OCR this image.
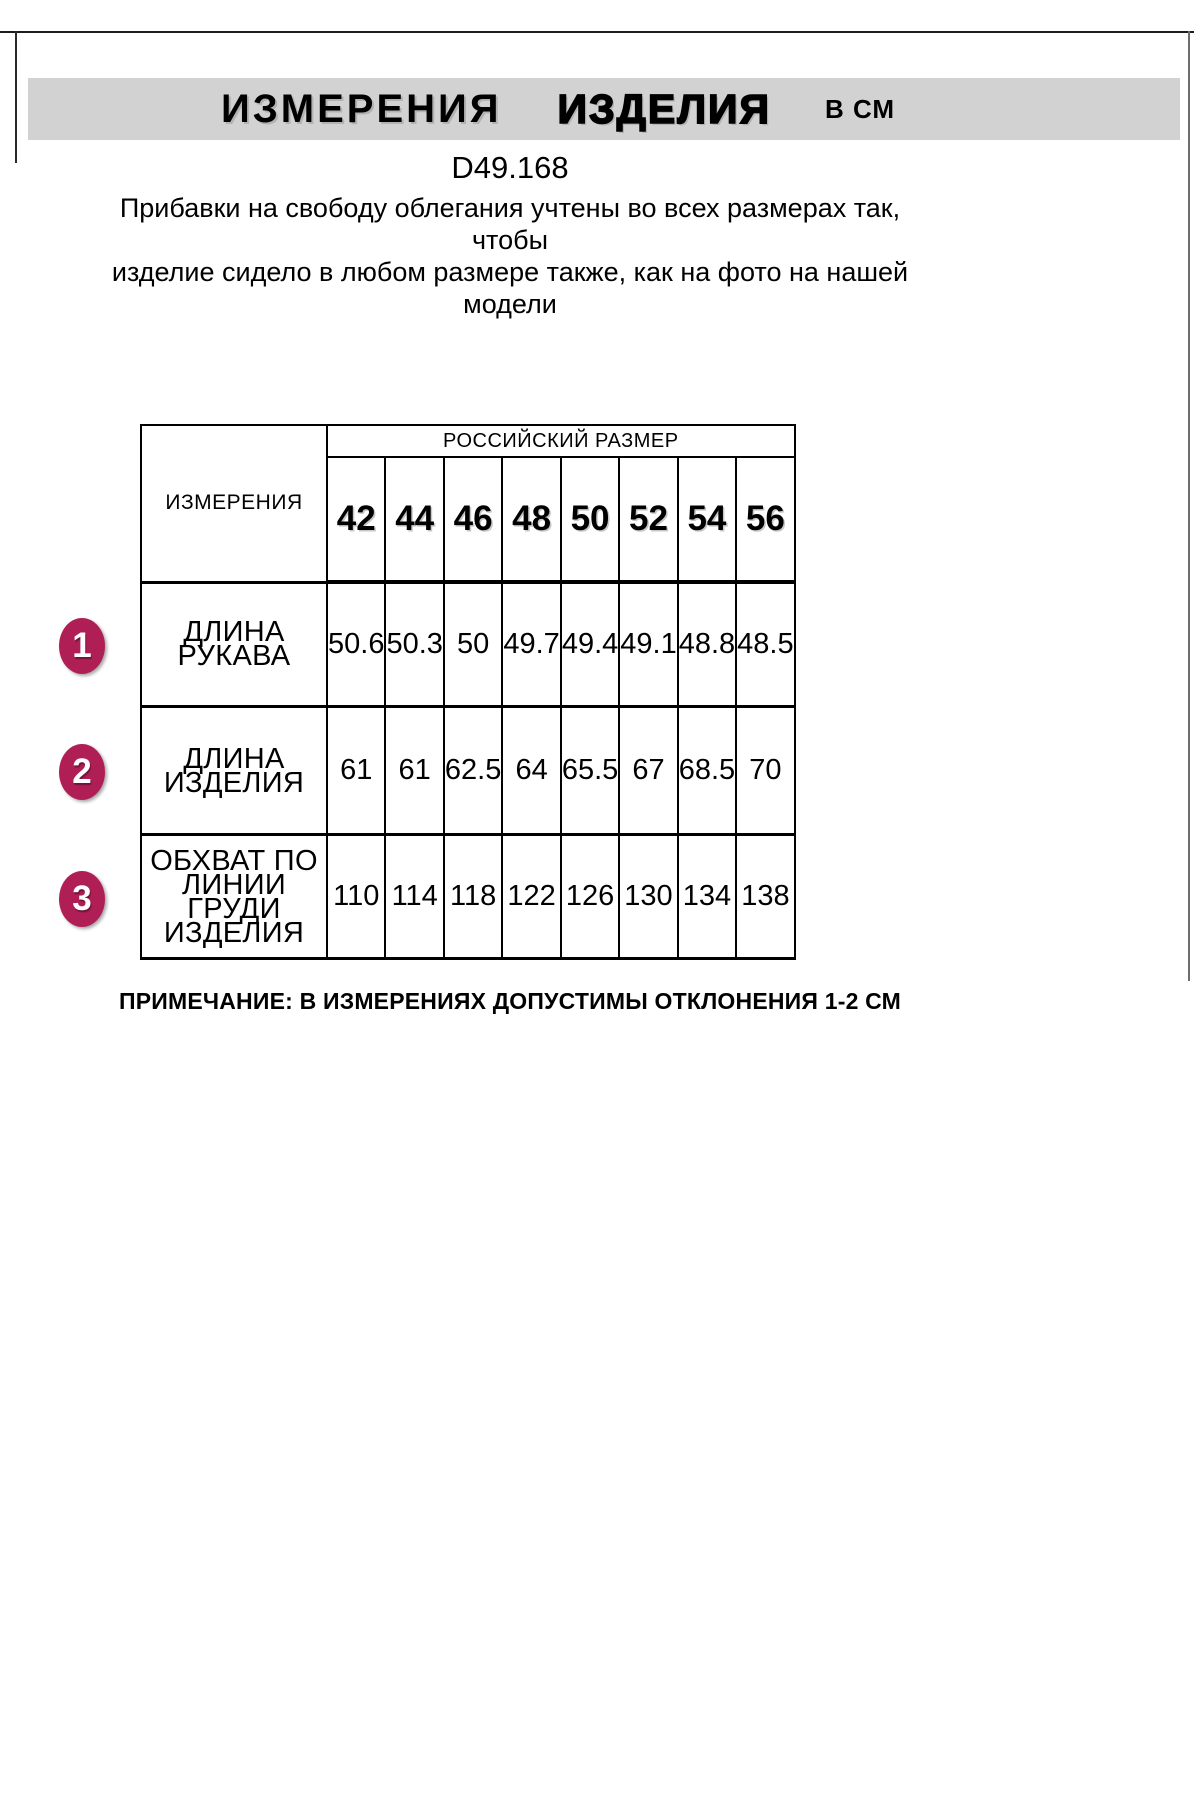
ИЗМЕРЕНИЯ ИЗДЕЛИЯ В СМ
D49.168
Прибавки на свободу облегания учтены во всех размерах так, чтобы
изделие сидело в любом размере также, как на фото на нашей
модели
ИЗМЕРЕНИЯ	РОССИЙСКИЙ РАЗМЕР							
	42	44	46	48	50	52	54	56

ДЛИНА РУКАВА	50.6	50.3	50	49.7	49.4	49.1	48.8	48.5

ДЛИНА
ИЗДЕЛИЯ	61	61	62.5	64	65.5	67	68.5	70

ОБХВАТ ПО
ЛИНИИ ГРУДИ
ИЗДЕЛИЯ	110	114	118	122	126	130	134	138
1
2
3
ПРИМЕЧАНИЕ: В ИЗМЕРЕНИЯХ ДОПУСТИМЫ ОТКЛОНЕНИЯ 1-2 СМ
